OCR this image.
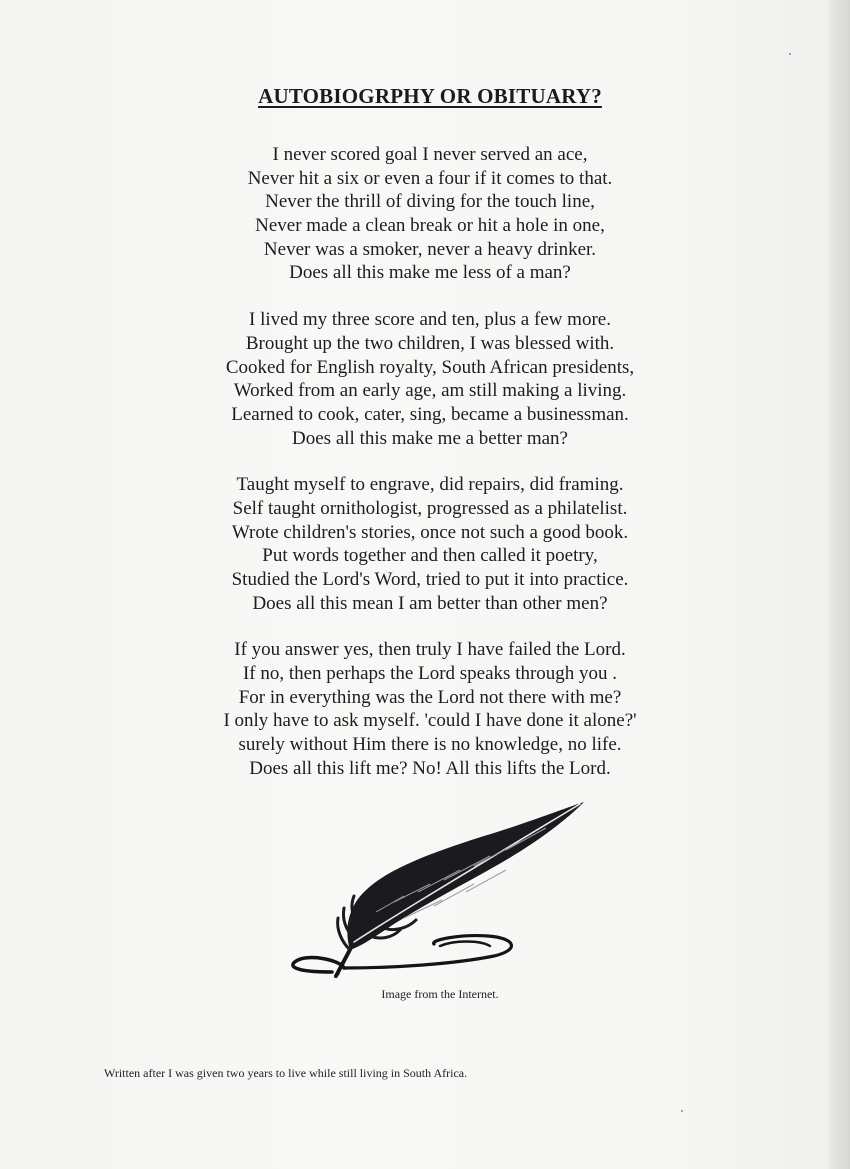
AUTOBIOGRPHY OR OBITUARY?
I never scored goal I never served an ace,
Never hit a six or even a four if it comes to that.
Never the thrill of diving for the touch line,
Never made a clean break or hit a hole in one,
Never was a smoker, never a heavy drinker.
Does all this make me less of a man?
I lived my three score and ten, plus a few more.
Brought up the two children, I was blessed with.
Cooked for English royalty, South African presidents,
Worked from an early age, am still making a living.
Learned to cook, cater, sing, became a businessman.
Does all this make me a better man?
Taught myself to engrave, did repairs, did framing.
Self taught ornithologist, progressed as a philatelist.
Wrote children's stories, once not such a good book.
Put words together and then called it poetry,
Studied the Lord's Word, tried to put it into practice.
Does all this mean I am better than other men?
If you answer yes, then truly I have failed the Lord.
If no, then perhaps the Lord speaks through you .
For in everything was the Lord not there with me?
I only have to ask myself. 'could I have done it alone?'
surely without Him there is no knowledge, no life.
Does all this lift me? No! All this lifts the Lord.
Image from the Internet.
Written after I was given two years to live while still living in South Africa.
